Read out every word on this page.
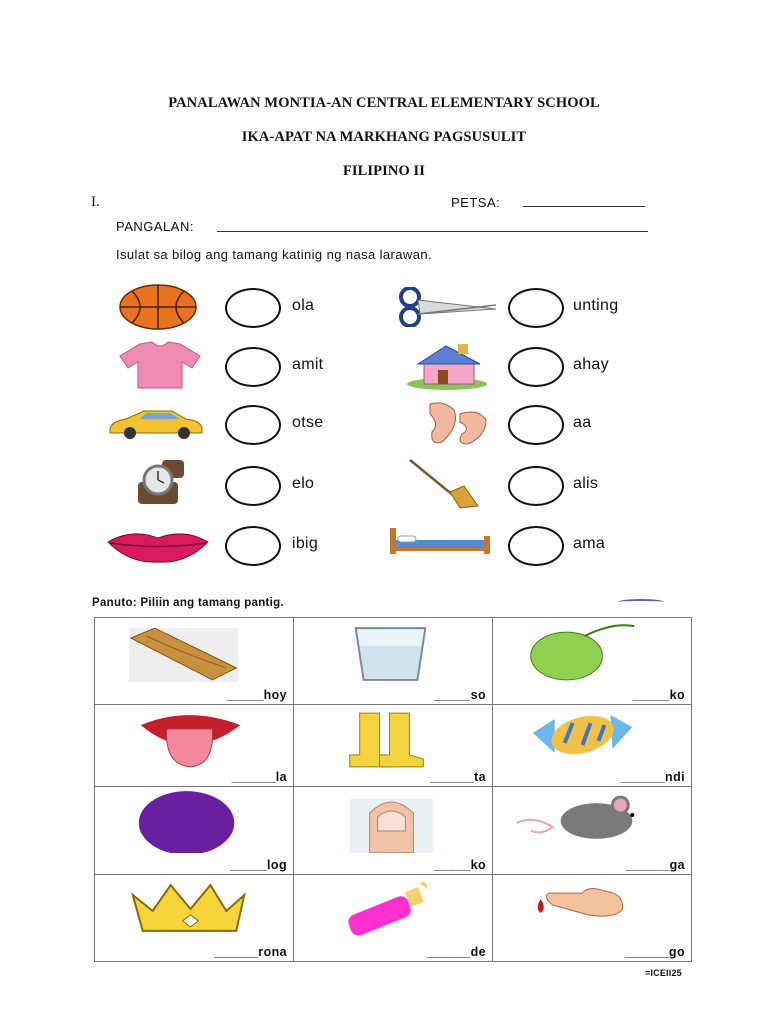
PANALAWAN MONTIA-AN CENTRAL ELEMENTARY SCHOOL
IKA-APAT NA MARKHANG PAGSUSULIT
FILIPINO II
I.	PETSA:
PANGALAN:
Isulat sa bilog ang tamang katinig ng nasa larawan.
ola	unting
amit	ahay
otse	aa
elo	alis
ibig	ama
Panuto: Piliin ang tamang pantig.
_____hoy	_____so	_____ko

______la	______ta	______ndi

_____log	_____ko	______ga

______rona	______de	______go
=ICEII25
